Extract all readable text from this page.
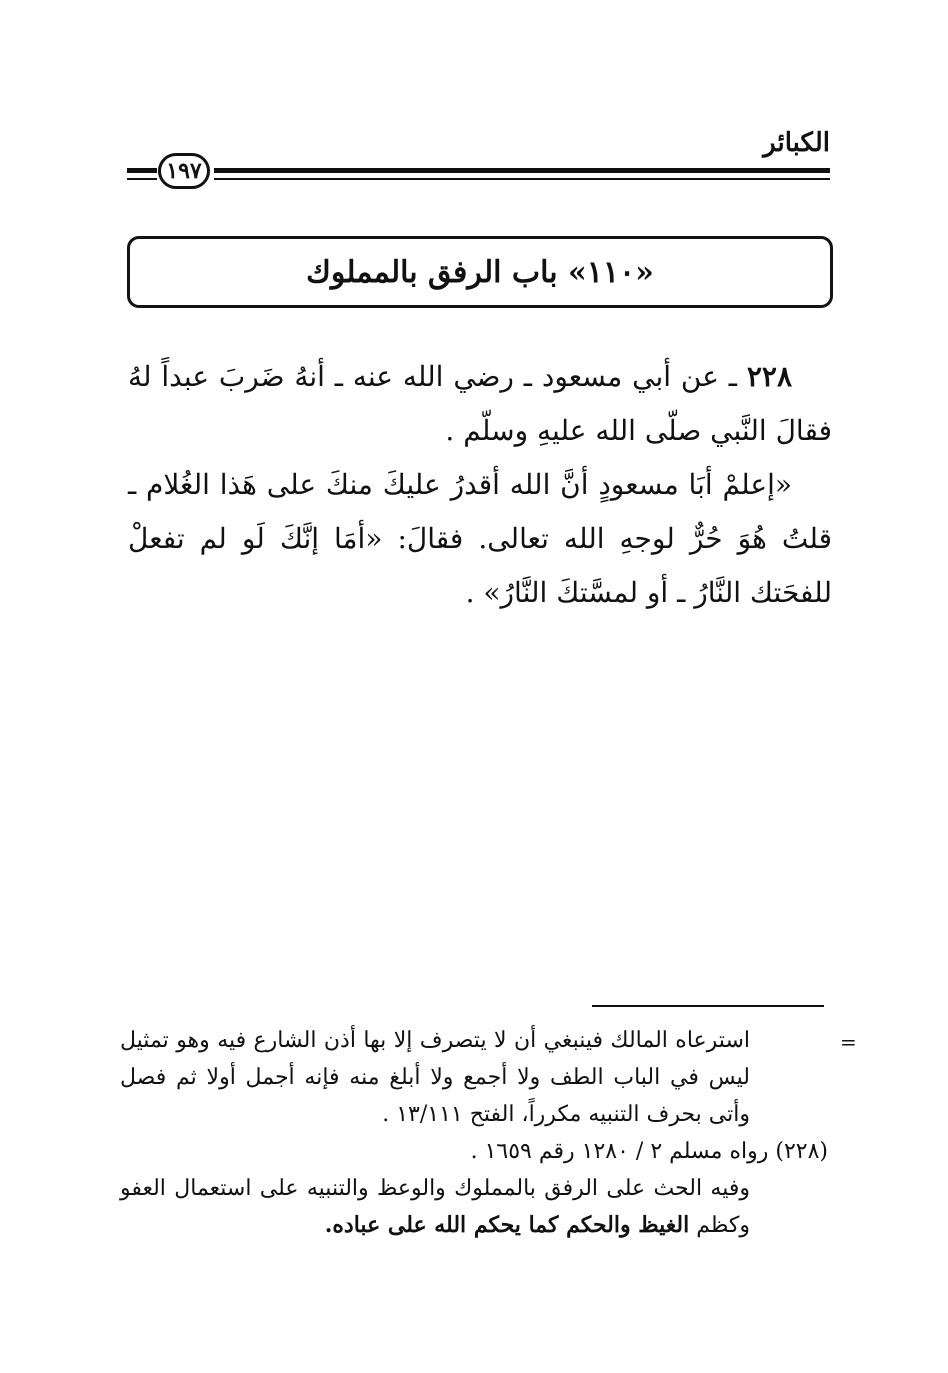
الكبائر
١٩٧
«١١٠» باب الرفق بالمملوك

٢٢٨ ـ عن أبي مسعود ـ رضي الله عنه ـ أنهُ ضَربَ عبداً لهُ فقالَ النَّبي صلّى الله عليهِ وسلّم .

«إعلمْ أبَا مسعودٍ أنَّ الله أقدرُ عليكَ منكَ على هَذا الغُلام ـ قلتُ هُوَ حُرٌّ لوجهِ الله تعالى. فقالَ: «أمَا إنَّكَ لَو لم تفعلْ للفحَتك النَّارُ ـ أو لمسَّتكَ النَّارُ» .

=

استرعاه المالك فينبغي أن لا يتصرف إلا بها أذن الشارع فيه وهو تمثيل ليس في الباب الطف ولا أجمع ولا أبلغ منه فإنه أجمل أولا ثم فصل وأتى بحرف التنبيه مكرراً، الفتح ١٣/١١١ .

(٢٢٨) رواه مسلم ٢ / ١٢٨٠ رقم ١٦٥٩ .

وفيه الحث على الرفق بالمملوك والوعظ والتنبيه على استعمال العفو وكظم الغيظ والحكم كما يحكم الله على عباده.
